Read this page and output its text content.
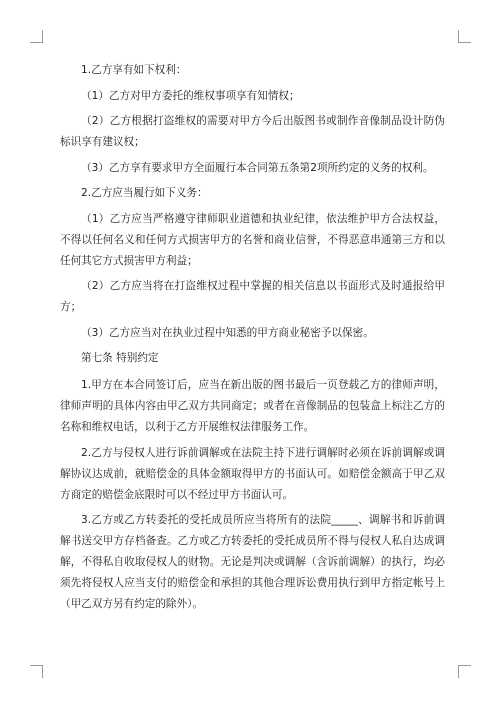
1.乙方享有如下权利：

（1）乙方对甲方委托的维权事项享有知情权；

（2）乙方根据打盗维权的需要对甲方今后出版图书或制作音像制品设计防伪标识享有建议权；

（3）乙方享有要求甲方全面履行本合同第五条第2项所约定的义务的权利。

2.乙方应当履行如下义务：

（1）乙方应当严格遵守律师职业道德和执业纪律，依法维护甲方合法权益，不得以任何名义和任何方式损害甲方的名誉和商业信誉，不得恶意串通第三方和以任何其它方式损害甲方利益；

（2）乙方应当将在打盗维权过程中掌握的相关信息以书面形式及时通报给甲方；

（3）乙方应当对在执业过程中知悉的甲方商业秘密予以保密。

第七条 特别约定

1.甲方在本合同签订后，应当在新出版的图书最后一页登载乙方的律师声明，律师声明的具体内容由甲乙双方共同商定；或者在音像制品的包装盒上标注乙方的名称和维权电话，以利于乙方开展维权法律服务工作。

2.乙方与侵权人进行诉前调解或在法院主持下进行调解时必须在诉前调解或调解协议达成前，就赔偿金的具体金额取得甲方的书面认可。如赔偿金额高于甲乙双方商定的赔偿金底限时可以不经过甲方书面认可。

3.乙方或乙方转委托的受托成员所应当将所有的法院_____、调解书和诉前调解书送交甲方存档备查。乙方或乙方转委托的受托成员所不得与侵权人私自达成调解，不得私自收取侵权人的财物。无论是判决或调解（含诉前调解）的执行，均必须先将侵权人应当支付的赔偿金和承担的其他合理诉讼费用执行到甲方指定帐号上（甲乙双方另有约定的除外）。
